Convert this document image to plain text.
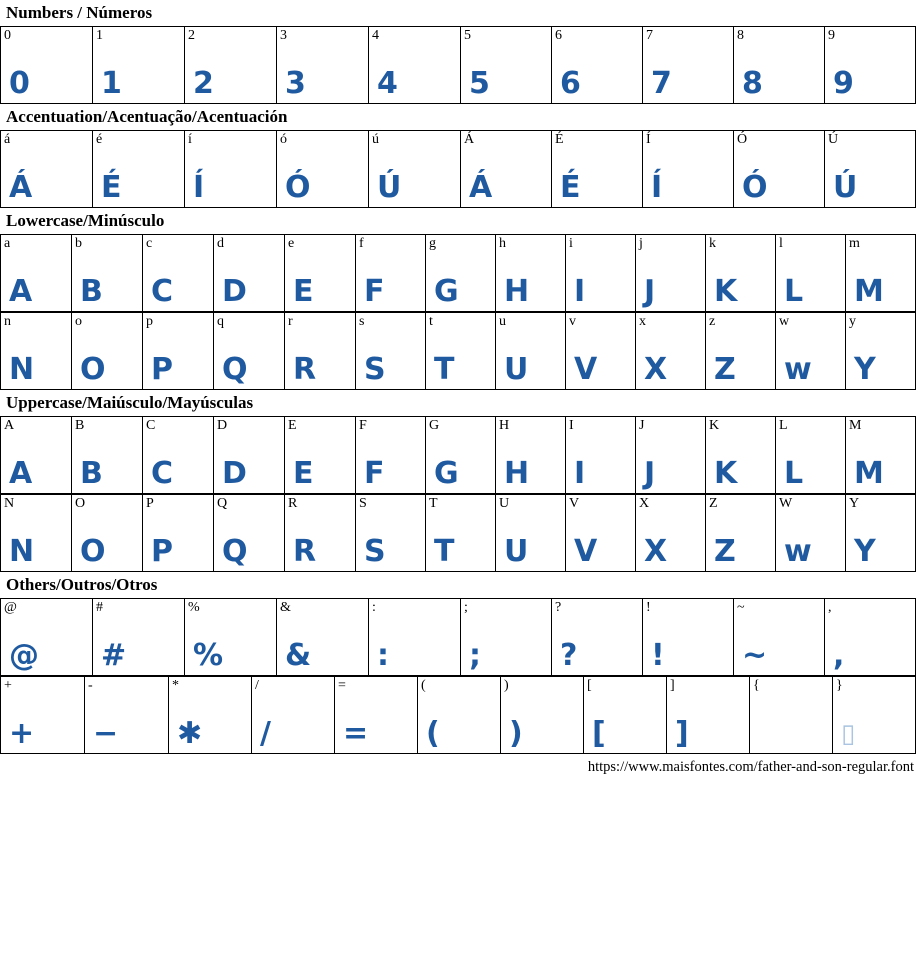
Numbers / Números
0
0
1
1
2
2
3
3
4
4
5
5
6
6
7
7
8
8
9
9
Accentuation/Acentuação/Acentuación
á
Á
é
É
í
Í
ó
Ó
ú
Ú
Á
Á
É
É
Í
Í
Ó
Ó
Ú
Ú
Lowercase/Minúsculo
a
A
b
B
c
C
d
D
e
E
f
F
g
G
h
H
i
I
j
J
k
K
l
L
m
M
n
N
o
O
p
P
q
Q
r
R
s
S
t
T
u
U
v
V
x
X
z
Z
w
w
y
Y
Uppercase/Maiúsculo/Mayúsculas
A
A
B
B
C
C
D
D
E
E
F
F
G
G
H
H
I
I
J
J
K
K
L
L
M
M
N
N
O
O
P
P
Q
Q
R
R
S
S
T
T
U
U
V
V
X
X
Z
Z
W
w
Y
Y
Others/Outros/Otros
@
@
#
#
%
%
&
&
:
:
;
;
?
?
!
!
~
~
,
,
+
+
-
−
*
✱
/
/
=
=
(
(
)
)
[
[
]
]
{	}
▯
https://www.maisfontes.com/father-and-son-regular.font
